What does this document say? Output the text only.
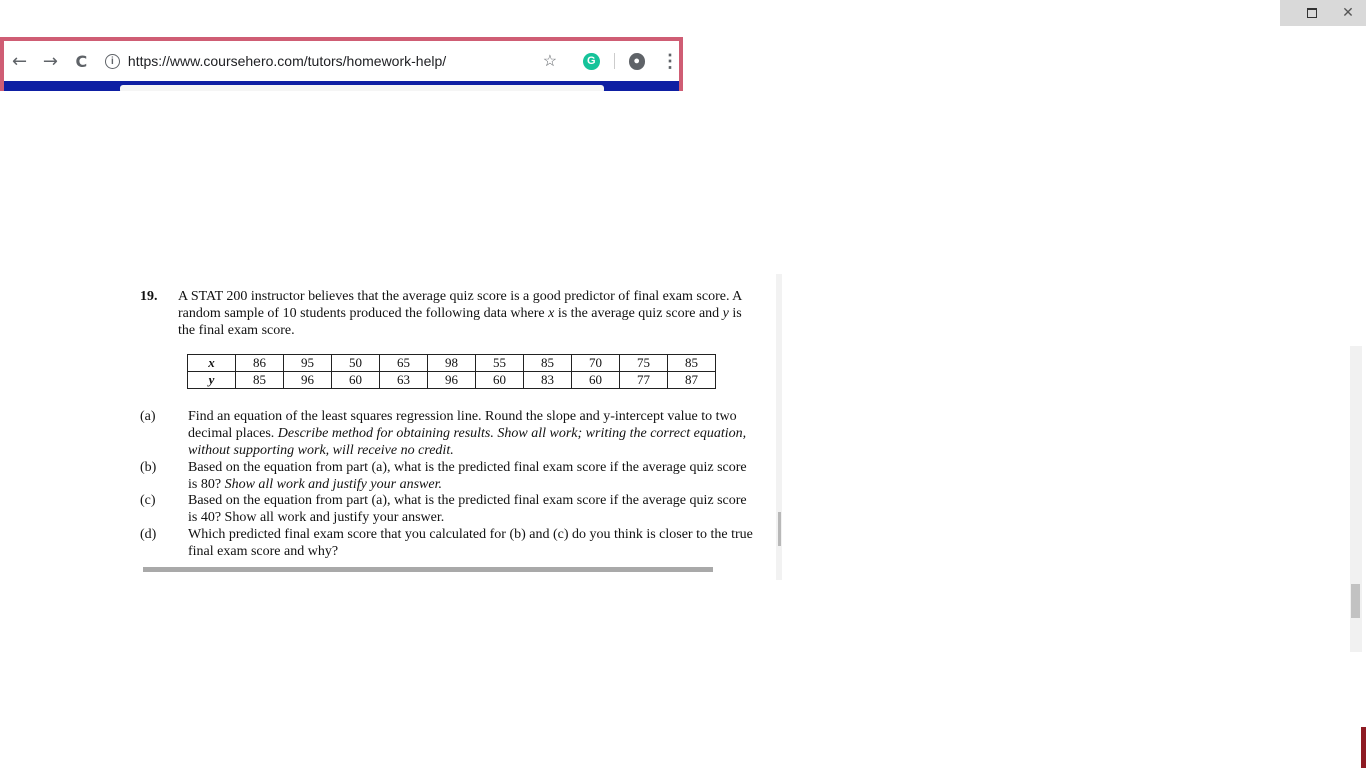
✕
← →	C	i	https://www.coursehero.com/tutors/homework-help/	☆	G	● ⋮
19. A STAT 200 instructor believes that the average quiz score is a good predictor of final exam score. A random sample of 10 students produced the following data where x is the average quiz score and y is the final exam score.
x	86	95	50	65	98	55	85	70	75	85
y	85	96	60	63	96	60	83	60	77	87
(a) Find an equation of the least squares regression line. Round the slope and y-intercept value to two decimal places. Describe method for obtaining results. Show all work; writing the correct equation, without supporting work, will receive no credit.
(b) Based on the equation from part (a), what is the predicted final exam score if the average quiz score is 80? Show all work and justify your answer.
(c) Based on the equation from part (a), what is the predicted final exam score if the average quiz score is 40? Show all work and justify your answer.
(d) Which predicted final exam score that you calculated for (b) and (c) do you think is closer to the true final exam score and why?
